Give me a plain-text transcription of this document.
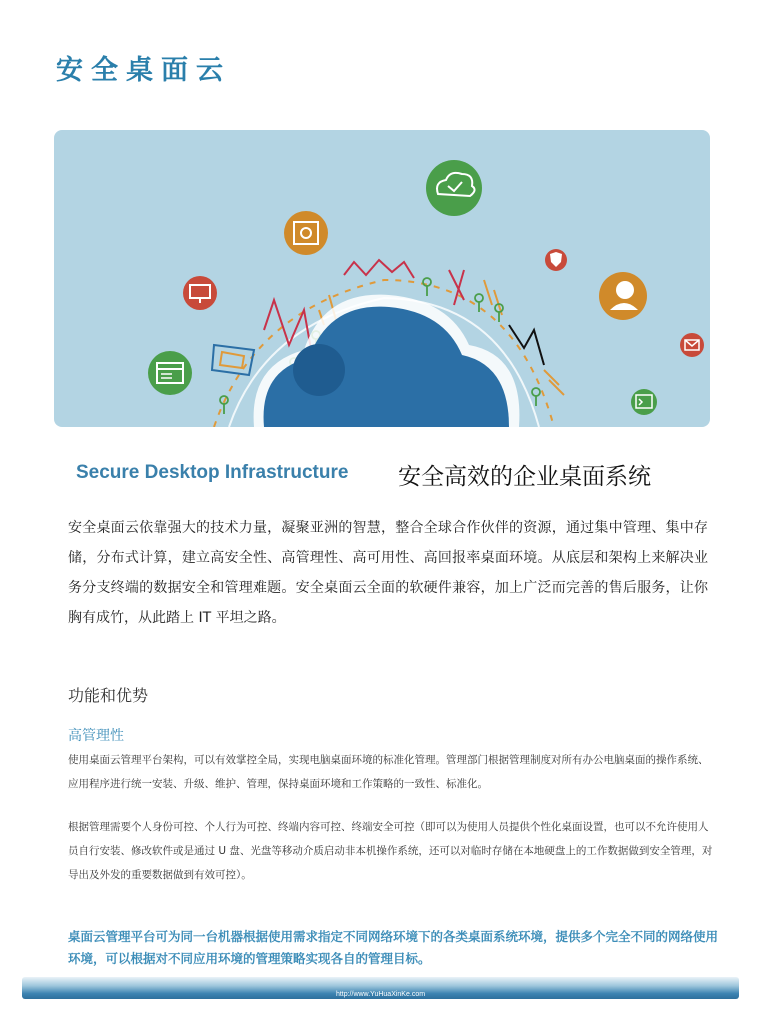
安全桌面云
Secure Desktop Infrastructure 安全高效的企业桌面系统
安全桌面云依靠强大的技术力量，凝聚亚洲的智慧，整合全球合作伙伴的资源，通过集中管理、集中存储，分布式计算，建立高安全性、高管理性、高可用性、高回报率桌面环境。从底层和架构上来解决业务分支终端的数据安全和管理难题。安全桌面云全面的软硬件兼容，加上广泛而完善的售后服务，让你胸有成竹，从此踏上 IT 平坦之路。
功能和优势
高管理性
使用桌面云管理平台架构，可以有效掌控全局，实现电脑桌面环境的标准化管理。管理部门根据管理制度对所有办公电脑桌面的操作系统、应用程序进行统一安装、升级、维护、管理，保持桌面环境和工作策略的一致性、标准化。
根据管理需要个人身份可控、个人行为可控、终端内容可控、终端安全可控（即可以为使用人员提供个性化桌面设置，也可以不允许使用人员自行安装、修改软件或是通过 U 盘、光盘等移动介质启动非本机操作系统，还可以对临时存储在本地硬盘上的工作数据做到安全管理，对导出及外发的重要数据做到有效可控）。
桌面云管理平台可为同一台机器根据使用需求指定不同网络环境下的各类桌面系统环境，提供多个完全不同的网络使用环境，可以根据对不同应用环境的管理策略实现各自的管理目标。
http://www.YuHuaXinKe.com
